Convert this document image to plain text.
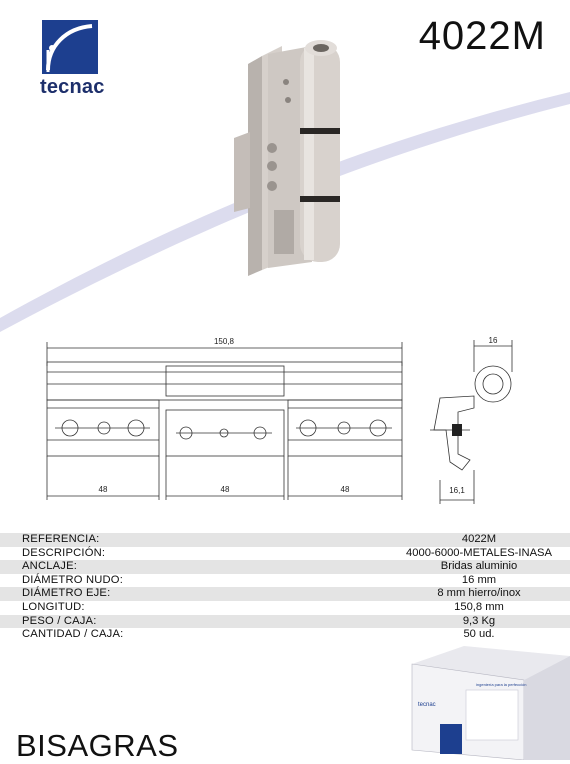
tecnac
4022M
150,8
48	48	48
16
16,1
REFERENCIA:	4022M
DESCRIPCIÓN:	4000-6000-METALES-INASA
ANCLAJE:	Bridas aluminio
DIÁMETRO NUDO:	16 mm
DIÁMETRO EJE:	8 mm hierro/inox
LONGITUD:	150,8 mm
PESO / CAJA:	9,3 Kg
CANTIDAD / CAJA:	50 ud.
ingeniería para la perfección
tecnac
BISAGRAS
